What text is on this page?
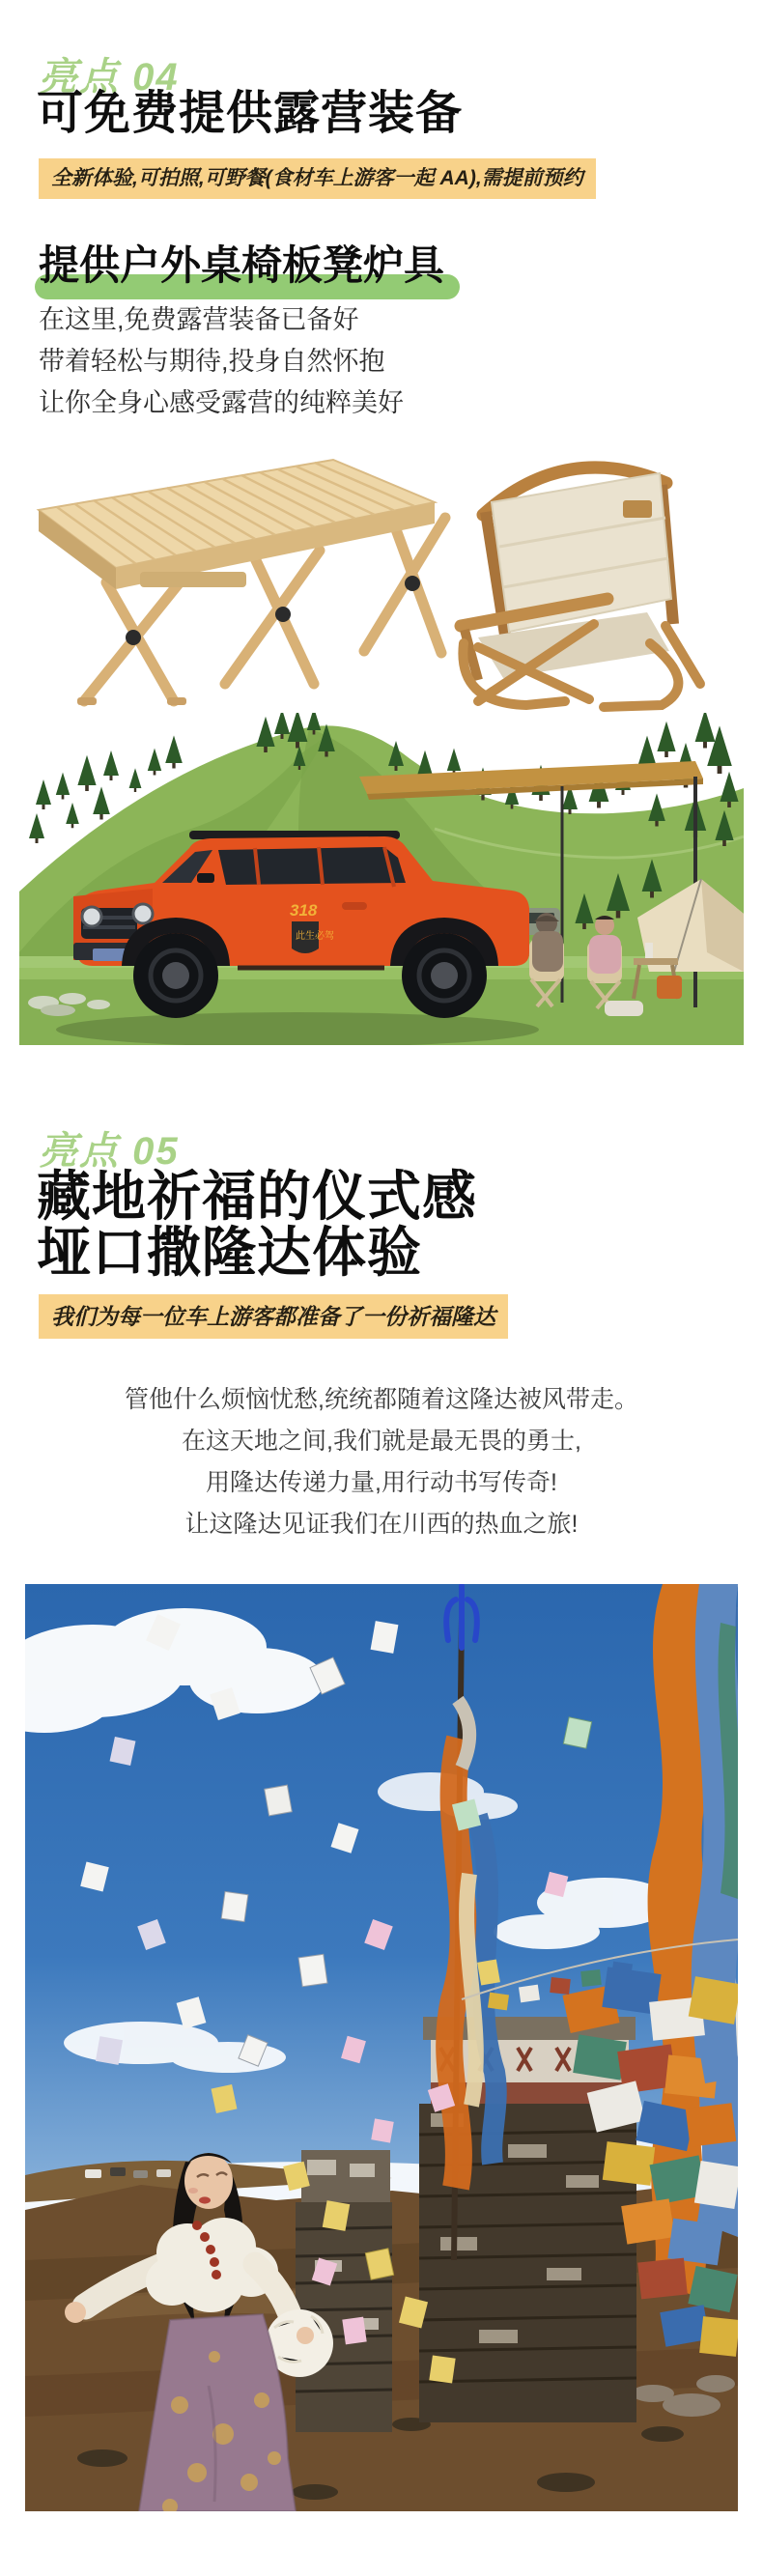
亮点 04
可免费提供露营装备
全新体验,可拍照,可野餐(食材车上游客一起 AA),需提前预约
提供户外桌椅板凳炉具
在这里,免费露营装备已备好
带着轻松与期待,投身自然怀抱
让你全身心感受露营的纯粹美好
318
此生必驾
亮点 05
藏地祈福的仪式感
垭口撒隆达体验
我们为每一位车上游客都准备了一份祈福隆达
管他什么烦恼忧愁,统统都随着这隆达被风带走。
在这天地之间,我们就是最无畏的勇士,
用隆达传递力量,用行动书写传奇!
让这隆达见证我们在川西的热血之旅!
